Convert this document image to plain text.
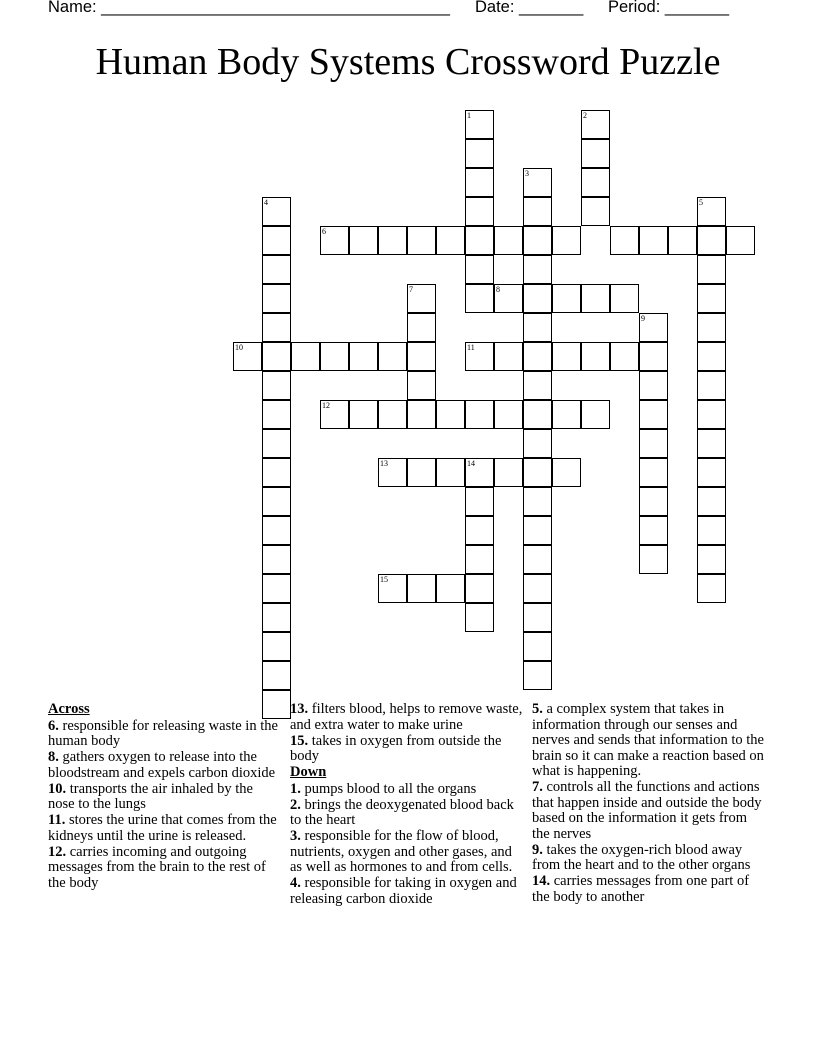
Name: ______________________________________

Date: _______

Period: _______

Human Body Systems Crossword Puzzle
1	2
3
4	5
6
7	8
9
10	11
12
13	14
15
Across
6. responsible for releasing waste in the human body
8. gathers oxygen to release into the bloodstream and expels carbon dioxide
10. transports the air inhaled by the nose to the lungs
11. stores the urine that comes from the kidneys until the urine is released.
12. carries incoming and outgoing messages from the brain to the rest of the body
13. filters blood, helps to remove waste, and extra water to make urine
15. takes in oxygen from outside the body
Down
1. pumps blood to all the organs
2. brings the deoxygenated blood back to the heart
3. responsible for the flow of blood, nutrients, oxygen and other gases, and as well as hormones to and from cells.
4. responsible for taking in oxygen and releasing carbon dioxide
5. a complex system that takes in information through our senses and nerves and sends that information to the brain so it can make a reaction based on what is happening.
7. controls all the functions and actions that happen inside and outside the body based on the information it gets from the nerves
9. takes the oxygen-rich blood away from the heart and to the other organs
14. carries messages from one part of the body to another
